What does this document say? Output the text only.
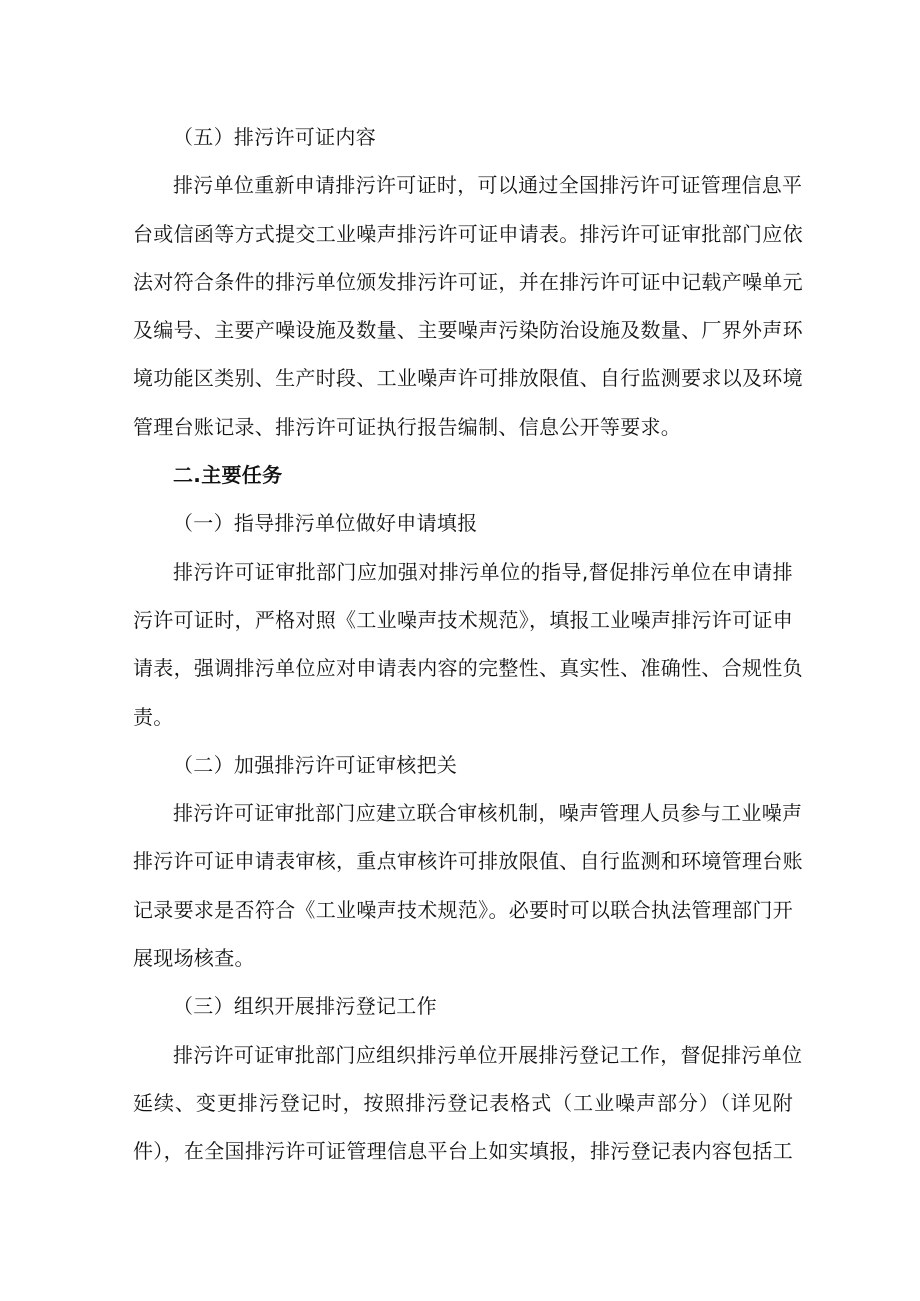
（五）排污许可证内容

排污单位重新申请排污许可证时，可以通过全国排污许可证管理信息平
台或信函等方式提交工业噪声排污许可证申请表。排污许可证审批部门应依
法对符合条件的排污单位颁发排污许可证，并在排污许可证中记载产噪单元
及编号、主要产噪设施及数量、主要噪声污染防治设施及数量、厂界外声环
境功能区类别、生产时段、工业噪声许可排放限值、自行监测要求以及环境
管理台账记录、排污许可证执行报告编制、信息公开等要求。

二.主要任务

（一）指导排污单位做好申请填报

排污许可证审批部门应加强对排污单位的指导,督促排污单位在申请排
污许可证时，严格对照《工业噪声技术规范》，填报工业噪声排污许可证申
请表，强调排污单位应对申请表内容的完整性、真实性、准确性、合规性负
责。

（二）加强排污许可证审核把关

排污许可证审批部门应建立联合审核机制，噪声管理人员参与工业噪声
排污许可证申请表审核，重点审核许可排放限值、自行监测和环境管理台账
记录要求是否符合《工业噪声技术规范》。必要时可以联合执法管理部门开
展现场核查。

（三）组织开展排污登记工作

排污许可证审批部门应组织排污单位开展排污登记工作，督促排污单位
延续、变更排污登记时，按照排污登记表格式（工业噪声部分）（详见附
件），在全国排污许可证管理信息平台上如实填报，排污登记表内容包括工
